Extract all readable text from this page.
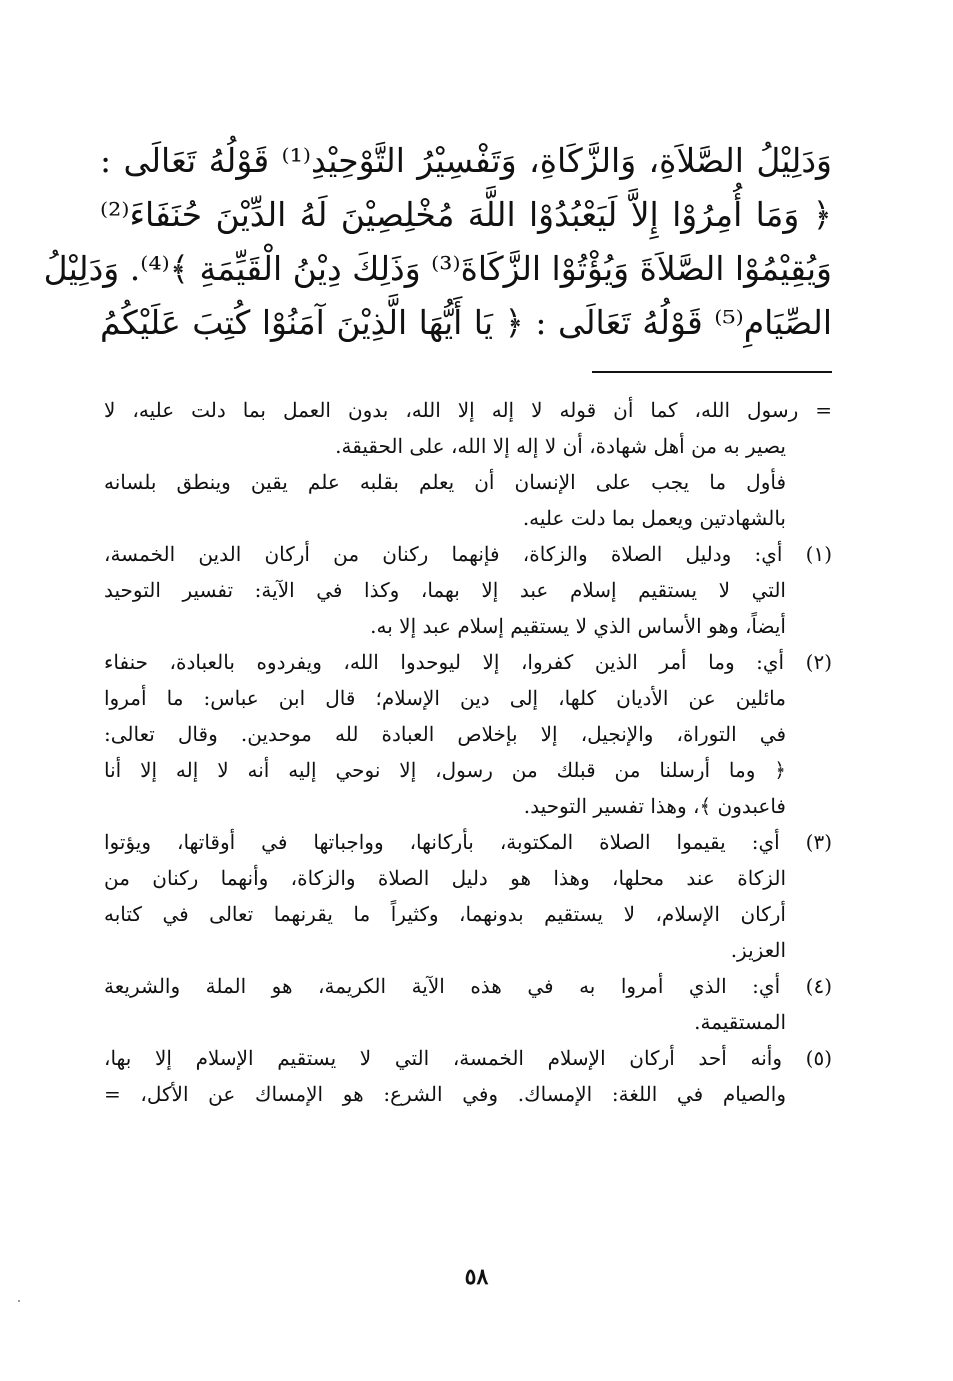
وَدَلِيْلُ الصَّلاَةِ، وَالزَّكَاةِ، وَتَفْسِيْرُ التَّوْحِيْدِ⁽¹⁾ قَوْلُهُ تَعَالَى :
﴿ وَمَا أُمِرُوْا إِلاَّ لَيَعْبُدُوْا اللَّهَ مُخْلِصِيْنَ لَهُ الدِّيْنَ حُنَفَاءَ⁽²⁾
وَيُقِيْمُوْا الصَّلاَةَ وَيُؤْتُوْا الزَّكَاةَ⁽³⁾ وَذَلِكَ دِيْنُ الْقَيِّمَةِ ﴾⁽⁴⁾. وَدَلِيْلُ
الصِّيَامِ⁽⁵⁾ قَوْلُهُ تَعَالَى : ﴿ يَا أَيُّهَا الَّذِيْنَ آمَنُوْا كُتِبَ عَلَيْكُمُ
= رسول الله، كما أن قوله لا إله إلا الله، بدون العمل بما دلت عليه، لا
يصير به من أهل شهادة، أن لا إله إلا الله، على الحقيقة.
فأول ما يجب على الإنسان أن يعلم بقلبه علم يقين وينطق بلسانه
بالشهادتين ويعمل بما دلت عليه.
(١) أي: ودليل الصلاة والزكاة، فإنهما ركنان من أركان الدين الخمسة،
التي لا يستقيم إسلام عبد إلا بهما، وكذا في الآية: تفسير التوحيد
أيضاً، وهو الأساس الذي لا يستقيم إسلام عبد إلا به.
(٢) أي: وما أمر الذين كفروا، إلا ليوحدوا الله، ويفردوه بالعبادة، حنفاء
مائلين عن الأديان كلها، إلى دين الإسلام؛ قال ابن عباس: ما أمروا
في التوراة، والإنجيل، إلا بإخلاص العبادة لله موحدين. وقال تعالى:
﴿ وما أرسلنا من قبلك من رسول، إلا نوحي إليه أنه لا إله إلا أنا
فاعبدون ﴾، وهذا تفسير التوحيد.
(٣) أي: يقيموا الصلاة المكتوبة، بأركانها، وواجباتها في أوقاتها، ويؤتوا
الزكاة عند محلها، وهذا هو دليل الصلاة والزكاة، وأنهما ركنان من
أركان الإسلام، لا يستقيم بدونهما، وكثيراً ما يقرنهما تعالى في كتابه
العزيز.
(٤) أي: الذي أمروا به في هذه الآية الكريمة، هو الملة والشريعة
المستقيمة.
(٥) وأنه أحد أركان الإسلام الخمسة، التي لا يستقيم الإسلام إلا بها،
والصيام في اللغة: الإمساك. وفي الشرع: هو الإمساك عن الأكل، =
٥٨
